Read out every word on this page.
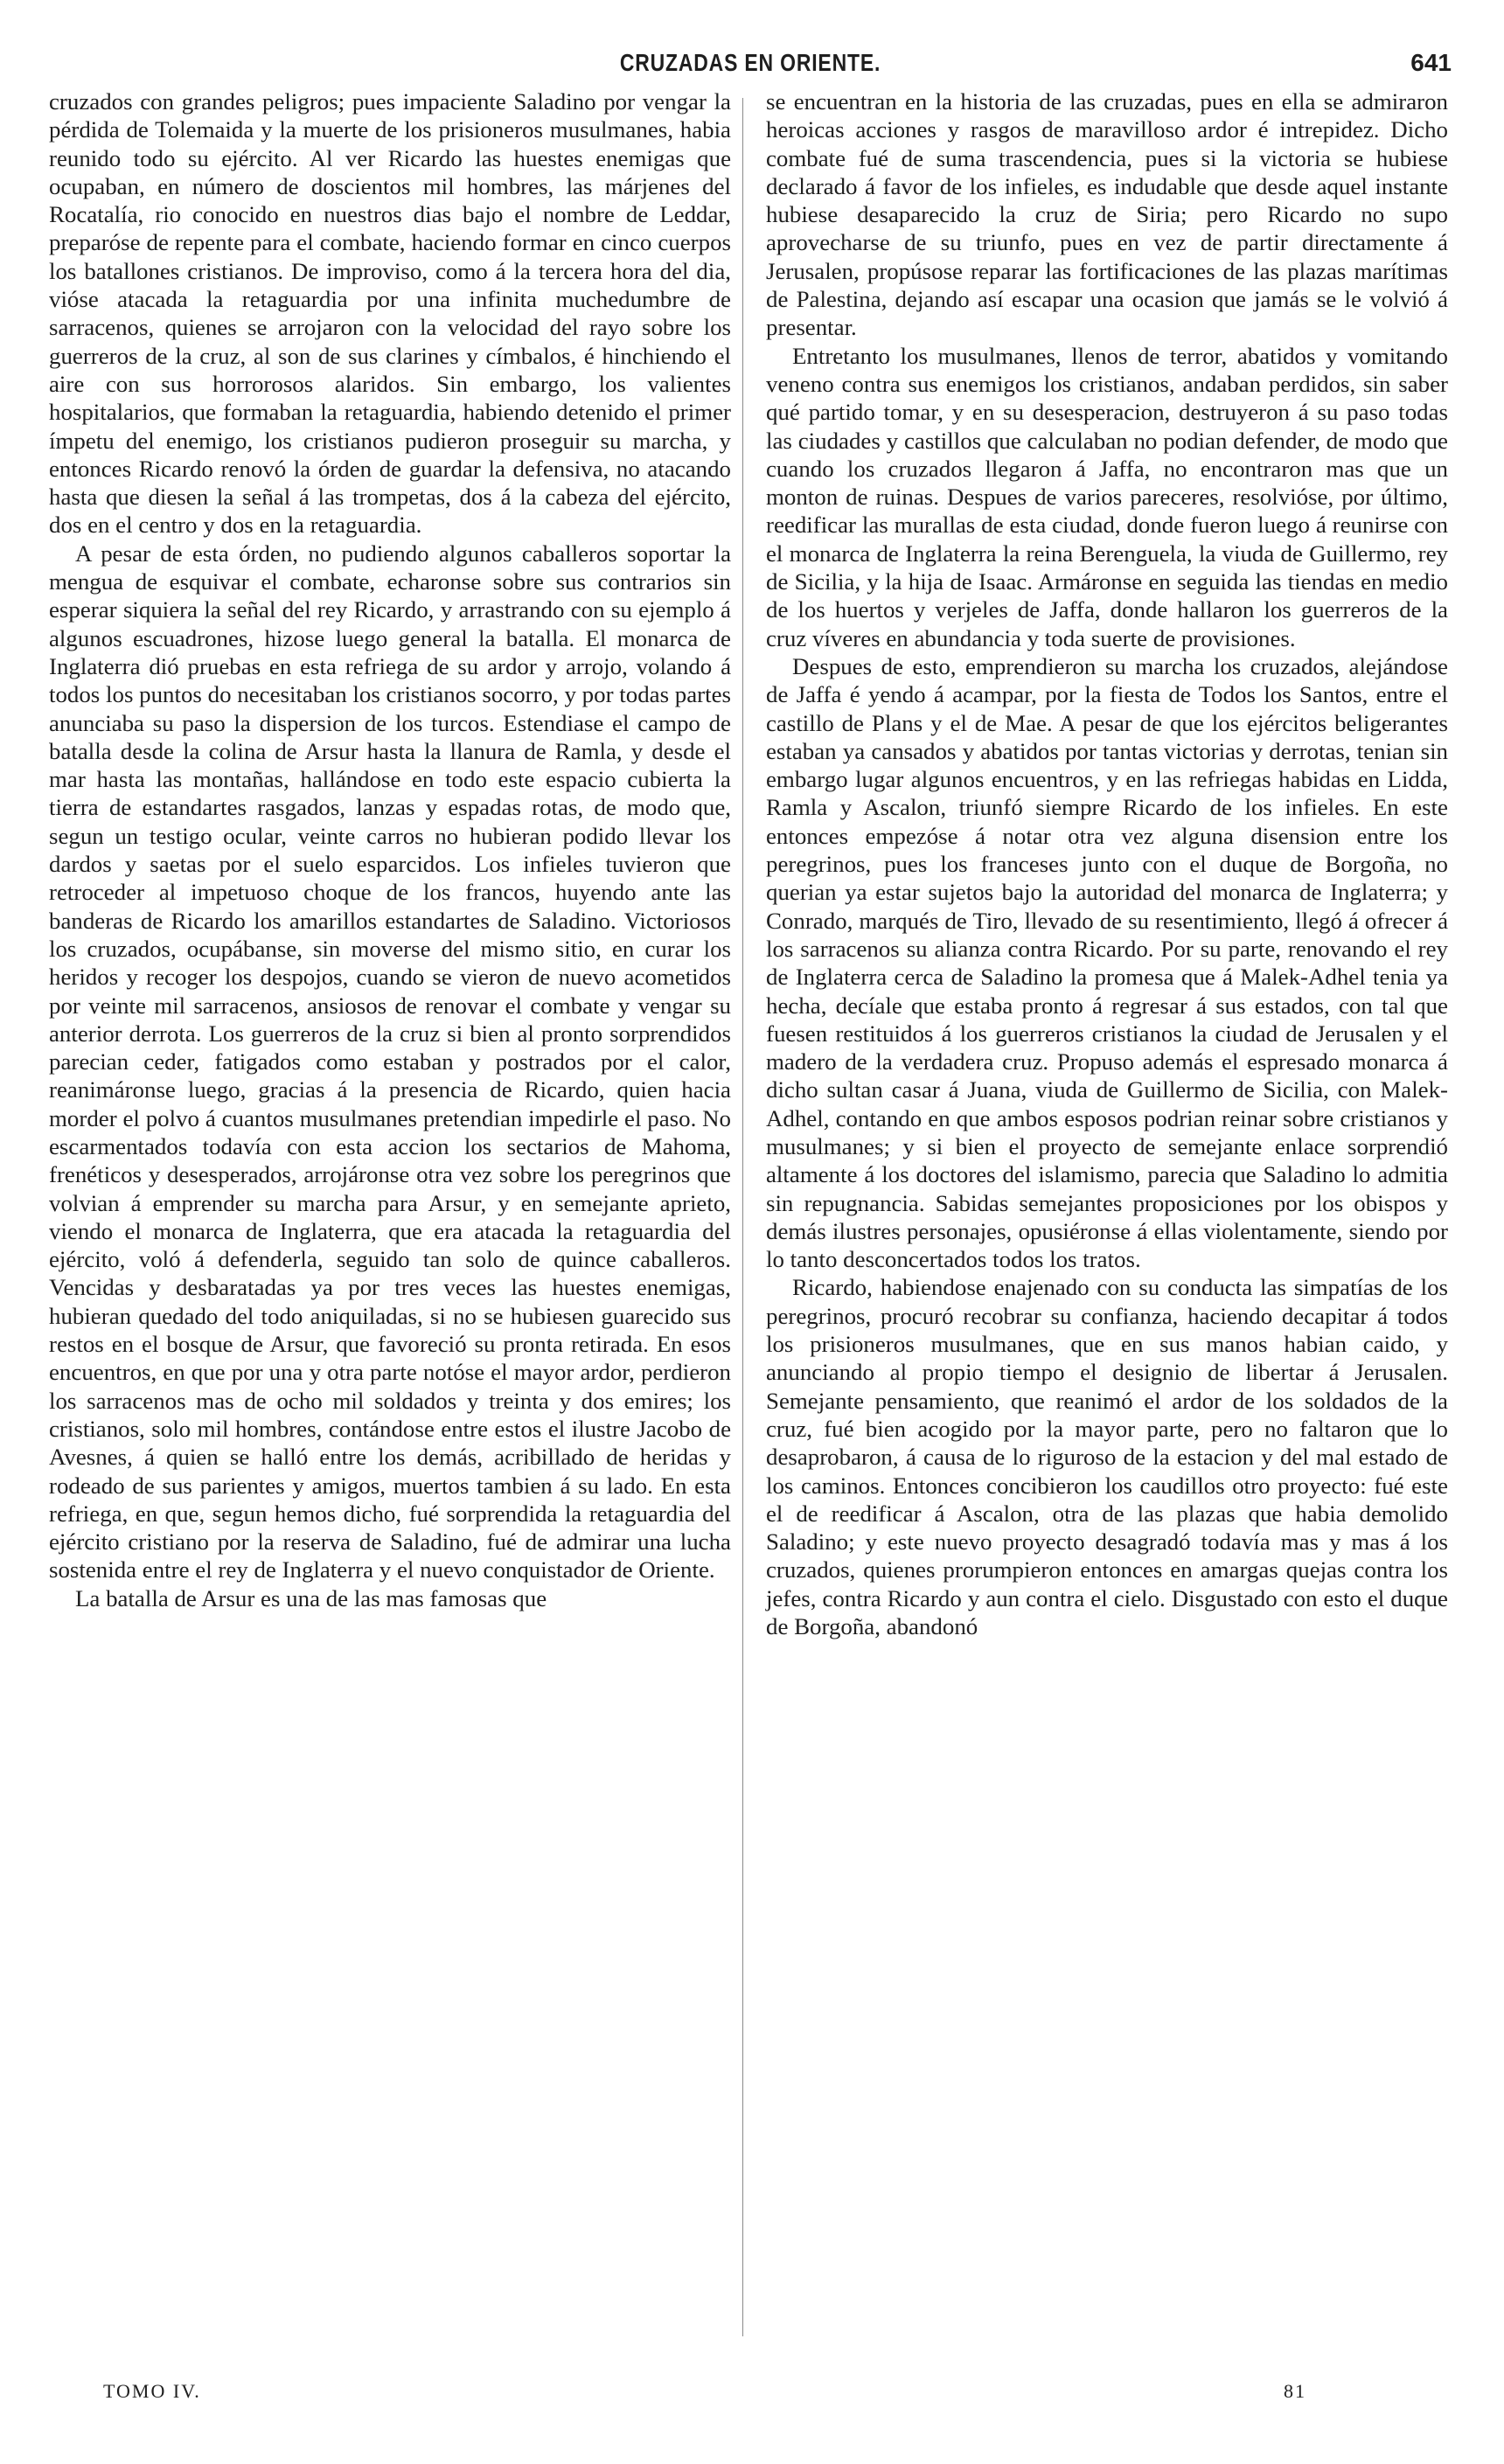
CRUZADAS EN ORIENTE.	641

cruzados con grandes peligros; pues impaciente Saladino por vengar la pérdida de Tolemaida y la muerte de los prisioneros musulmanes, habia reunido todo su ejército. Al ver Ricardo las huestes enemigas que ocupaban, en número de doscientos mil hombres, las márjenes del Rocatalía, rio conocido en nuestros dias bajo el nombre de Leddar, preparóse de repente para el combate, haciendo formar en cinco cuerpos los batallones cristianos. De improviso, como á la tercera hora del dia, vióse atacada la retaguardia por una infinita muchedumbre de sarracenos, quienes se arrojaron con la velocidad del rayo sobre los guerreros de la cruz, al son de sus clarines y címbalos, é hinchiendo el aire con sus horrorosos alaridos. Sin embargo, los valientes hospitalarios, que formaban la retaguardia, habiendo detenido el primer ímpetu del enemigo, los cristianos pudieron proseguir su marcha, y entonces Ricardo renovó la órden de guardar la defensiva, no atacando hasta que diesen la señal á las trompetas, dos á la cabeza del ejército, dos en el centro y dos en la retaguardia.

A pesar de esta órden, no pudiendo algunos caballeros soportar la mengua de esquivar el combate, echaronse sobre sus contrarios sin esperar siquiera la señal del rey Ricardo, y arrastrando con su ejemplo á algunos escuadrones, hizose luego general la batalla. El monarca de Inglaterra dió pruebas en esta refriega de su ardor y arrojo, volando á todos los puntos do necesitaban los cristianos socorro, y por todas partes anunciaba su paso la dispersion de los turcos. Estendiase el campo de batalla desde la colina de Arsur hasta la llanura de Ramla, y desde el mar hasta las montañas, hallándose en todo este espacio cubierta la tierra de estandartes rasgados, lanzas y espadas rotas, de modo que, segun un testigo ocular, veinte carros no hubieran podido llevar los dardos y saetas por el suelo esparcidos. Los infieles tuvieron que retroceder al impetuoso choque de los francos, huyendo ante las banderas de Ricardo los amarillos estandartes de Saladino. Victoriosos los cruzados, ocupábanse, sin moverse del mismo sitio, en curar los heridos y recoger los despojos, cuando se vieron de nuevo acometidos por veinte mil sarracenos, ansiosos de renovar el combate y vengar su anterior derrota. Los guerreros de la cruz si bien al pronto sorprendidos parecian ceder, fatigados como estaban y postrados por el calor, reanimáronse luego, gracias á la presencia de Ricardo, quien hacia morder el polvo á cuantos musulmanes pretendian impedirle el paso. No escarmentados todavía con esta accion los sectarios de Mahoma, frenéticos y desesperados, arrojáronse otra vez sobre los peregrinos que volvian á emprender su marcha para Arsur, y en semejante aprieto, viendo el monarca de Inglaterra, que era atacada la retaguardia del ejército, voló á defenderla, seguido tan solo de quince caballeros. Vencidas y desbaratadas ya por tres veces las huestes enemigas, hubieran quedado del todo aniquiladas, si no se hubiesen guarecido sus restos en el bosque de Arsur, que favoreció su pronta retirada. En esos encuentros, en que por una y otra parte notóse el mayor ardor, perdieron los sarracenos mas de ocho mil soldados y treinta y dos emires; los cristianos, solo mil hombres, contándose entre estos el ilustre Jacobo de Avesnes, á quien se halló entre los demás, acribillado de heridas y rodeado de sus parientes y amigos, muertos tambien á su lado. En esta refriega, en que, segun hemos dicho, fué sorprendida la retaguardia del ejército cristiano por la reserva de Saladino, fué de admirar una lucha sostenida entre el rey de Inglaterra y el nuevo conquistador de Oriente.

La batalla de Arsur es una de las mas famosas que

se encuentran en la historia de las cruzadas, pues en ella se admiraron heroicas acciones y rasgos de maravilloso ardor é intrepidez. Dicho combate fué de suma trascendencia, pues si la victoria se hubiese declarado á favor de los infieles, es indudable que desde aquel instante hubiese desaparecido la cruz de Siria; pero Ricardo no supo aprovecharse de su triunfo, pues en vez de partir directamente á Jerusalen, propúsose reparar las fortificaciones de las plazas marítimas de Palestina, dejando así escapar una ocasion que jamás se le volvió á presentar.

Entretanto los musulmanes, llenos de terror, abatidos y vomitando veneno contra sus enemigos los cristianos, andaban perdidos, sin saber qué partido tomar, y en su desesperacion, destruyeron á su paso todas las ciudades y castillos que calculaban no podian defender, de modo que cuando los cruzados llegaron á Jaffa, no encontraron mas que un monton de ruinas. Despues de varios pareceres, resolvióse, por último, reedificar las murallas de esta ciudad, donde fueron luego á reunirse con el monarca de Inglaterra la reina Berenguela, la viuda de Guillermo, rey de Sicilia, y la hija de Isaac. Armáronse en seguida las tiendas en medio de los huertos y verjeles de Jaffa, donde hallaron los guerreros de la cruz víveres en abundancia y toda suerte de provisiones.

Despues de esto, emprendieron su marcha los cruzados, alejándose de Jaffa é yendo á acampar, por la fiesta de Todos los Santos, entre el castillo de Plans y el de Mae. A pesar de que los ejércitos beligerantes estaban ya cansados y abatidos por tantas victorias y derrotas, tenian sin embargo lugar algunos encuentros, y en las refriegas habidas en Lidda, Ramla y Ascalon, triunfó siempre Ricardo de los infieles. En este entonces empezóse á notar otra vez alguna disension entre los peregrinos, pues los franceses junto con el duque de Borgoña, no querian ya estar sujetos bajo la autoridad del monarca de Inglaterra; y Conrado, marqués de Tiro, llevado de su resentimiento, llegó á ofrecer á los sarracenos su alianza contra Ricardo. Por su parte, renovando el rey de Inglaterra cerca de Saladino la promesa que á Malek-Adhel tenia ya hecha, decíale que estaba pronto á regresar á sus estados, con tal que fuesen restituidos á los guerreros cristianos la ciudad de Jerusalen y el madero de la verdadera cruz. Propuso además el espresado monarca á dicho sultan casar á Juana, viuda de Guillermo de Sicilia, con Malek-Adhel, contando en que ambos esposos podrian reinar sobre cristianos y musulmanes; y si bien el proyecto de semejante enlace sorprendió altamente á los doctores del islamismo, parecia que Saladino lo admitia sin repugnancia. Sabidas semejantes proposiciones por los obispos y demás ilustres personajes, opusiéronse á ellas violentamente, siendo por lo tanto desconcertados todos los tratos.

Ricardo, habiendose enajenado con su conducta las simpatías de los peregrinos, procuró recobrar su confianza, haciendo decapitar á todos los prisioneros musulmanes, que en sus manos habian caido, y anunciando al propio tiempo el designio de libertar á Jerusalen. Semejante pensamiento, que reanimó el ardor de los soldados de la cruz, fué bien acogido por la mayor parte, pero no faltaron que lo desaprobaron, á causa de lo riguroso de la estacion y del mal estado de los caminos. Entonces concibieron los caudillos otro proyecto: fué este el de reedificar á Ascalon, otra de las plazas que habia demolido Saladino; y este nuevo proyecto desagradó todavía mas y mas á los cruzados, quienes prorumpieron entonces en amargas quejas contra los jefes, contra Ricardo y aun contra el cielo. Disgustado con esto el duque de Borgoña, abandonó

TOMO IV.	81
